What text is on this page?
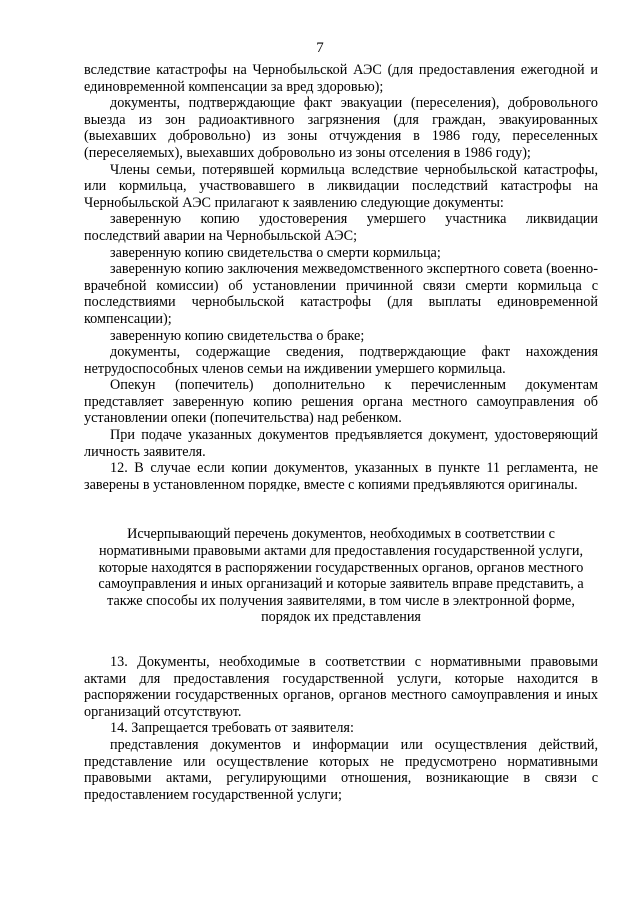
7

вследствие катастрофы на Чернобыльской АЭС (для предоставления ежегодной и единовременной компенсации за вред здоровью);

документы, подтверждающие факт эвакуации (переселения), добровольного выезда из зон радиоактивного загрязнения (для граждан, эвакуированных (выехавших добровольно) из зоны отчуждения в 1986 году, переселенных (переселяемых), выехавших добровольно из зоны отселения в 1986 году);

Члены семьи, потерявшей кормильца вследствие чернобыльской катастрофы, или кормильца, участвовавшего в ликвидации последствий катастрофы на Чернобыльской АЭС прилагают к заявлению следующие документы:

заверенную копию удостоверения умершего участника ликвидации последствий аварии на Чернобыльской АЭС;

заверенную копию свидетельства о смерти кормильца;

заверенную копию заключения межведомственного экспертного совета (военно-врачебной комиссии) об установлении причинной связи смерти кормильца с последствиями чернобыльской катастрофы (для выплаты единовременной компенсации);

заверенную копию свидетельства о браке;

документы, содержащие сведения, подтверждающие факт нахождения нетрудоспособных членов семьи на иждивении умершего кормильца.

Опекун (попечитель) дополнительно к перечисленным документам представляет заверенную копию решения органа местного самоуправления об установлении опеки (попечительства) над ребенком.

При подаче указанных документов предъявляется документ, удостоверяющий личность заявителя.

12. В случае если копии документов, указанных в пункте 11 регламента, не заверены в установленном порядке, вместе с копиями предъявляются оригиналы.

Исчерпывающий перечень документов, необходимых в соответствии с

нормативными правовыми актами для предоставления государственной услуги,

которые находятся в распоряжении государственных органов, органов местного

самоуправления и иных организаций и которые заявитель вправе представить, а

также способы их получения заявителями, в том числе в электронной форме,

порядок их представления

13. Документы, необходимые в соответствии с нормативными правовыми актами для предоставления государственной услуги, которые находится в распоряжении государственных органов, органов местного самоуправления и иных организаций отсутствуют.

14. Запрещается требовать от заявителя:

представления документов и информации или осуществления действий, представление или осуществление которых не предусмотрено нормативными правовыми актами, регулирующими отношения, возникающие в связи с предоставлением государственной услуги;
